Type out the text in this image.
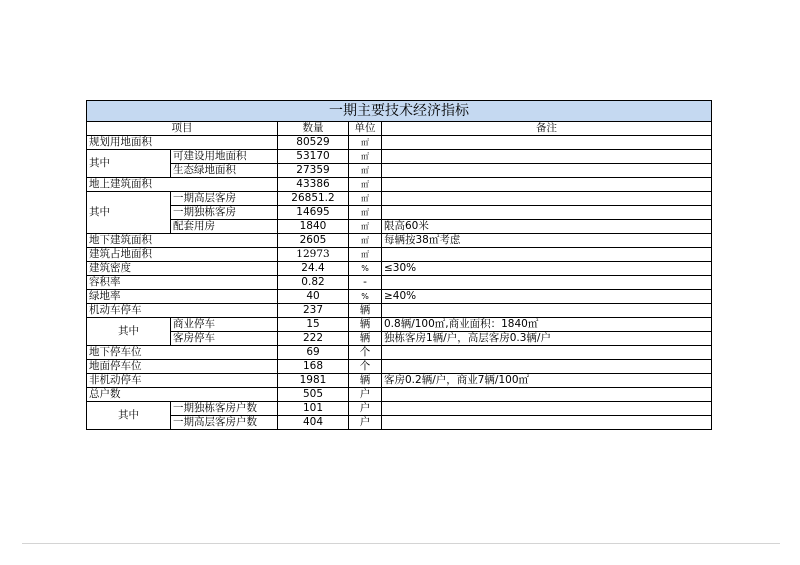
一期主要技术经济指标				
项目		数量	单位	备注
规划用地面积		80529	㎡	
其中	可建设用地面积	53170	㎡	
	生态绿地面积	27359	㎡	
地上建筑面积		43386	㎡	
其中	一期高层客房	26851.2	㎡	
	一期独栋客房	14695	㎡	
	配套用房	1840	㎡	限高60米
地下建筑面积		2605	㎡	每辆按38㎡考虑
建筑占地面积		12973	㎡	
建筑密度		24.4	%	≤30%
容积率		0.82	-	
绿地率		40	%	≥40%
机动车停车		237	辆	
其中	商业停车	15	辆	0.8辆/100㎡,商业面积：1840㎡
	客房停车	222	辆	独栋客房1辆/户，高层客房0.3辆/户
地下停车位		69	个	
地面停车位		168	个	
非机动停车		1981	辆	客房0.2辆/户，商业7辆/100㎡
总户数		505	户	
其中	一期独栋客房户数	101	户	
	一期高层客房户数	404	户	
